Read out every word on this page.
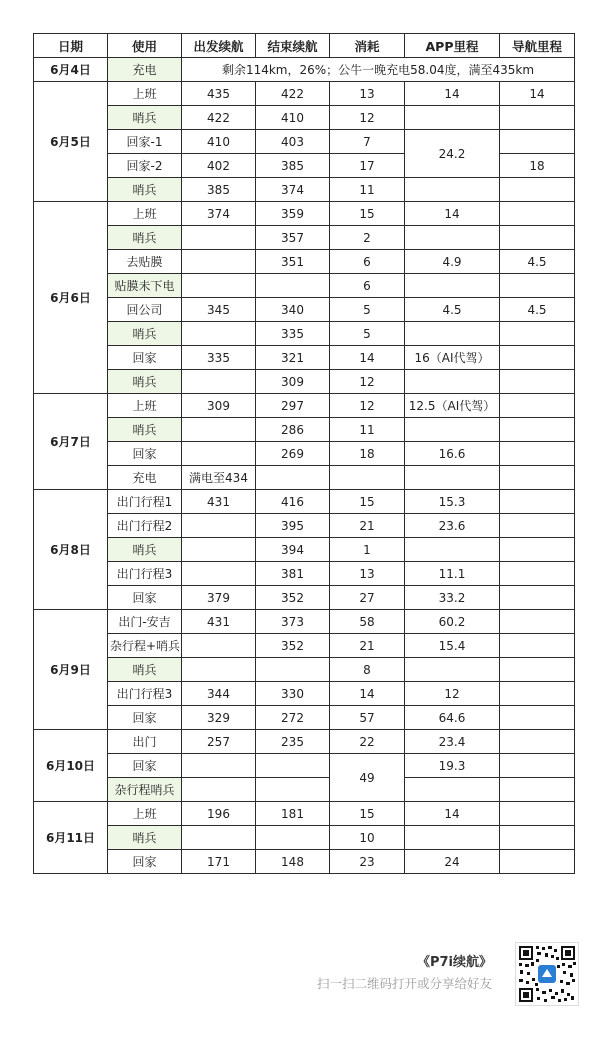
日期	使用	出发续航	结束续航	消耗	APP里程	导航里程
6月4日	充电	剩余114km，26%；公牛一晚充电58.04度，满至435km				
6月5日	上班	435	422	13	14	14
	哨兵	422	410	12		
	回家-1	410	403	7	24.2	
	回家-2	402	385	17		18
	哨兵	385	374	11		
6月6日	上班	374	359	15	14	
	哨兵		357	2		
	去贴膜		351	6	4.9	4.5
	贴膜未下电			6		
	回公司	345	340	5	4.5	4.5
	哨兵		335	5		
	回家	335	321	14	16（AI代驾）	
	哨兵		309	12		
6月7日	上班	309	297	12	12.5（AI代驾）	
	哨兵		286	11		
	回家		269	18	16.6	
	充电	满电至434				
6月8日	出门行程1	431	416	15	15.3	
	出门行程2		395	21	23.6	
	哨兵		394	1		
	出门行程3		381	13	11.1	
	回家	379	352	27	33.2	
6月9日	出门-安吉	431	373	58	60.2	
	杂行程+哨兵		352	21	15.4	
	哨兵			8		
	出门行程3	344	330	14	12	
	回家	329	272	57	64.6	
6月10日	出门	257	235	22	23.4	
	回家			49	19.3	
	杂行程哨兵					
6月11日	上班	196	181	15	14	
	哨兵			10		
	回家	171	148	23	24	
《P7i续航》
扫一扫二维码打开或分享给好友
